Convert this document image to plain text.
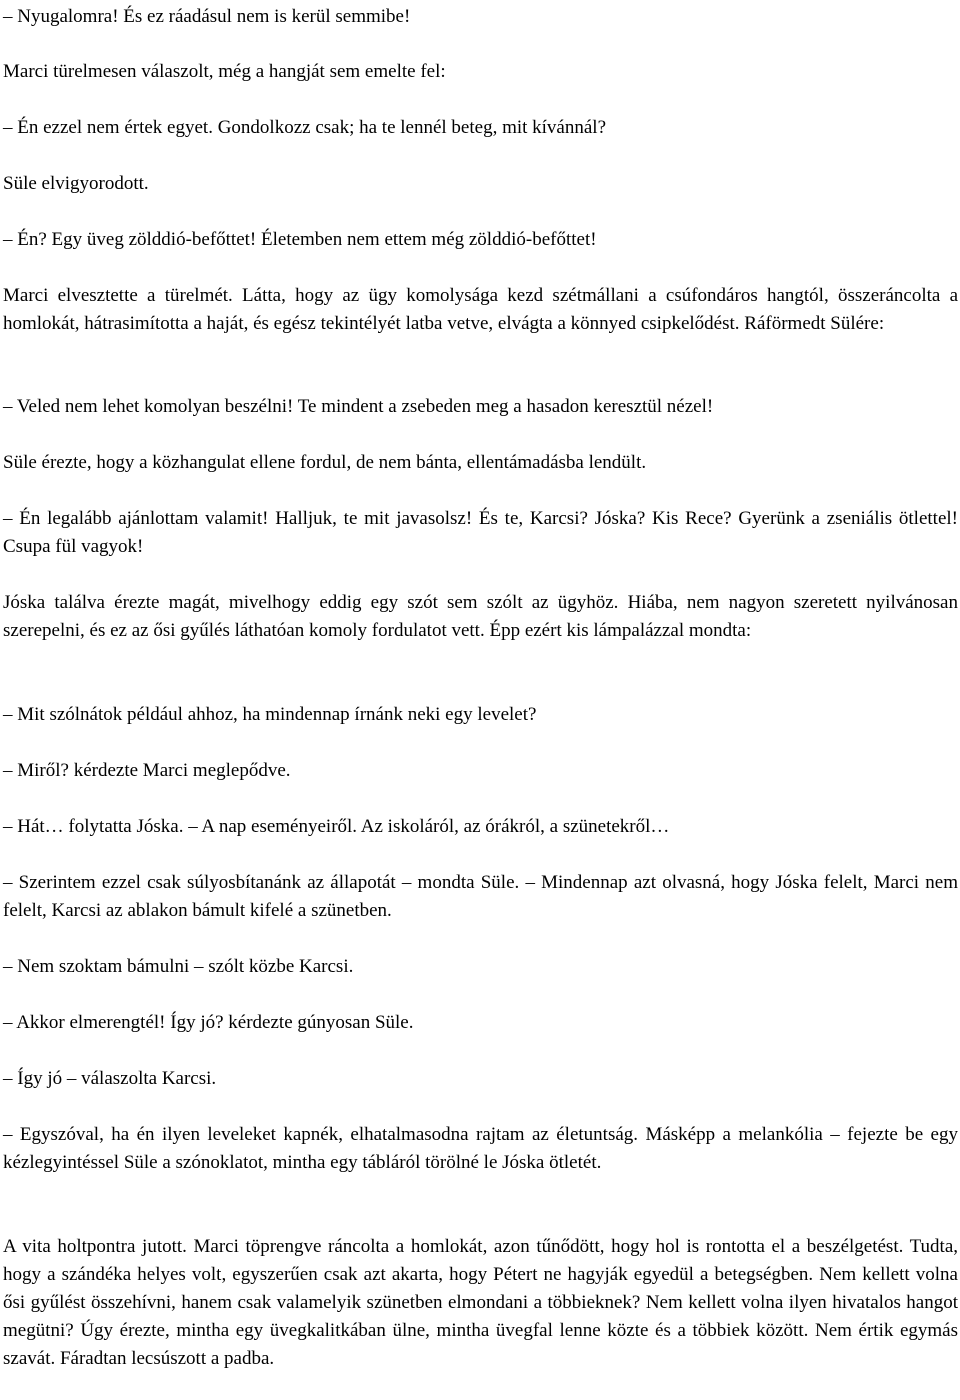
– Nyugalomra! És ez ráadásul nem is kerül semmibe!

Marci türelmesen válaszolt, még a hangját sem emelte fel:

– Én ezzel nem értek egyet. Gondolkozz csak; ha te lennél beteg, mit kívánnál?

Süle elvigyorodott.

– Én? Egy üveg zölddió-befőttet! Életemben nem ettem még zölddió-befőttet!

Marci elvesztette a türelmét. Látta, hogy az ügy komolysága kezd szétmállani a csúfondáros hangtól, összeráncolta a homlokát, hátrasimította a haját, és egész tekintélyét latba vetve, elvágta a könnyed csipkelődést. Ráförmedt Sülére:

– Veled nem lehet komolyan beszélni! Te mindent a zsebeden meg a hasadon keresztül nézel!

Süle érezte, hogy a közhangulat ellene fordul, de nem bánta, ellentámadásba lendült.

– Én legalább ajánlottam valamit! Halljuk, te mit javasolsz! És te, Karcsi? Jóska? Kis Rece? Gyerünk a zseniális ötlettel! Csupa fül vagyok!

Jóska találva érezte magát, mivelhogy eddig egy szót sem szólt az ügyhöz. Hiába, nem nagyon szeretett nyilvánosan szerepelni, és ez az ősi gyűlés láthatóan komoly fordulatot vett. Épp ezért kis lámpalázzal mondta:

– Mit szólnátok például ahhoz, ha mindennap írnánk neki egy levelet?

– Miről? kérdezte Marci meglepődve.

– Hát… folytatta Jóska. – A nap eseményeiről. Az iskoláról, az órákról, a szünetekről…

– Szerintem ezzel csak súlyosbítanánk az állapotát – mondta Süle. – Mindennap azt olvasná, hogy Jóska felelt, Marci nem felelt, Karcsi az ablakon bámult kifelé a szünetben.

– Nem szoktam bámulni – szólt közbe Karcsi.

– Akkor elmerengtél! Így jó? kérdezte gúnyosan Süle.

– Így jó – válaszolta Karcsi.

– Egyszóval, ha én ilyen leveleket kapnék, elhatalmasodna rajtam az életuntság. Másképp a melankólia – fejezte be egy kézlegyintéssel Süle a szónoklatot, mintha egy tábláról törölné le Jóska ötletét.

A vita holtpontra jutott. Marci töprengve ráncolta a homlokát, azon tűnődött, hogy hol is rontotta el a beszélgetést. Tudta, hogy a szándéka helyes volt, egyszerűen csak azt akarta, hogy Pétert ne hagyják egyedül a betegségben. Nem kellett volna ősi gyűlést összehívni, hanem csak valamelyik szünetben elmondani a többieknek? Nem kellett volna ilyen hivatalos hangot megütni? Úgy érezte, mintha egy üvegkalitkában ülne, mintha üvegfal lenne közte és a többiek között. Nem értik egymás szavát. Fáradtan lecsúszott a padba.
